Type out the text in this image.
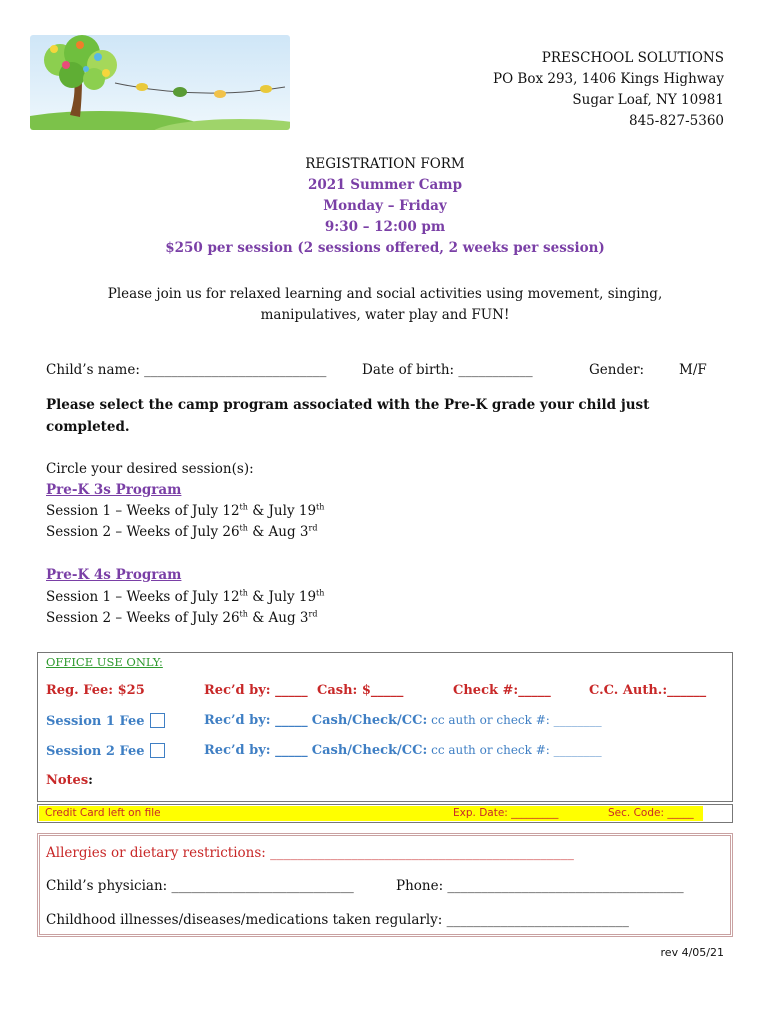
PRESCHOOL SOLUTIONS
PO Box 293, 1406 Kings Highway
Sugar Loaf, NY 10981
845-827-5360
REGISTRATION FORM
2021 Summer Camp
Monday – Friday
9:30 – 12:00 pm
$250 per session (2 sessions offered, 2 weeks per session)
Please join us for relaxed learning and social activities using movement, singing,
manipulatives, water play and FUN!
Child’s name: ___________________________	Date of birth: ___________	Gender:	M/F
Please select the camp program associated with the Pre-K grade your child just
completed.
Circle your desired session(s):
Pre-K 3s Program
Session 1 – Weeks of July 12th & July 19th
Session 2 – Weeks of July 26th & Aug 3rd
Pre-K 4s Program
Session 1 – Weeks of July 12th & July 19th
Session 2 – Weeks of July 26th & Aug 3rd
OFFICE USE ONLY:
Reg. Fee: $25	Rec’d by: _____ Cash: $_____	Check #:_____	C.C. Auth.:______
Session 1 Fee	Rec’d by: _____ Cash/Check/CC: cc auth or check #: ________
Session 2 Fee	Rec’d by: _____ Cash/Check/CC: cc auth or check #: ________
Notes:
Credit Card left on file	Exp. Date: _________	Sec. Code: _____
Allergies or dietary restrictions: _____________________________________________
Child’s physician: ___________________________	Phone: ___________________________________
Childhood illnesses/diseases/medications taken regularly: ___________________________
rev 4/05/21
